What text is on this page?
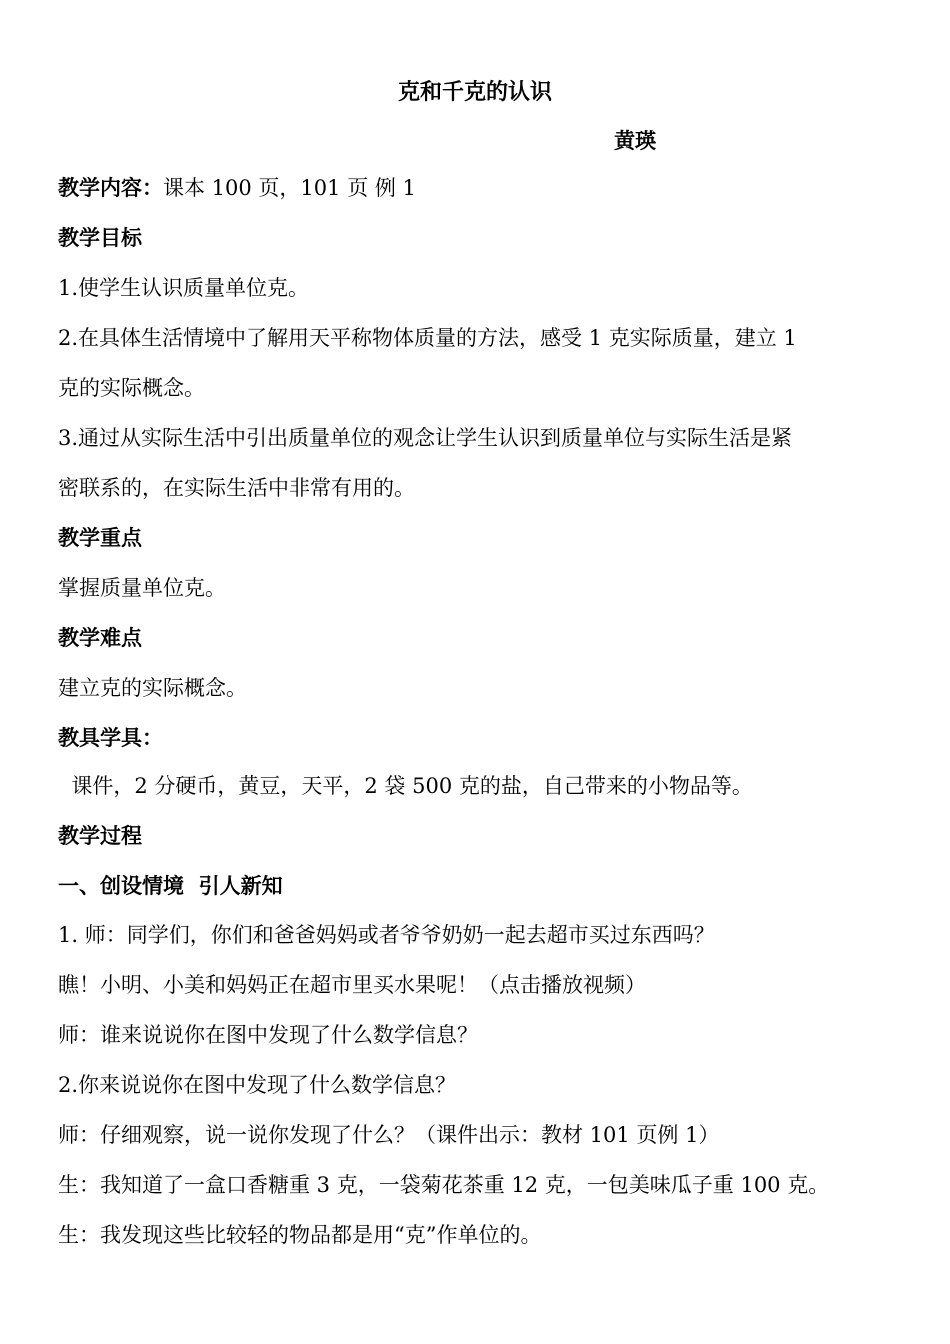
克和千克的认识
黄瑛
教学内容：课本 100 页，101 页 例 1
教学目标
1.使学生认识质量单位克。
2.在具体生活情境中了解用天平称物体质量的方法，感受 1 克实际质量，建立 1
克的实际概念。
3.通过从实际生活中引出质量单位的观念让学生认识到质量单位与实际生活是紧
密联系的，在实际生活中非常有用的。
教学重点
掌握质量单位克。
教学难点
建立克的实际概念。
教具学具：
课件，2 分硬币，黄豆，天平，2 袋 500 克的盐，自己带来的小物品等。
教学过程
一、创设情境  引人新知
1. 师：同学们，你们和爸爸妈妈或者爷爷奶奶一起去超市买过东西吗？
瞧！小明、小美和妈妈正在超市里买水果呢！（点击播放视频）
师：谁来说说你在图中发现了什么数学信息？
2.你来说说你在图中发现了什么数学信息？
师：仔细观察，说一说你发现了什么？（课件出示：教材 101 页例 1）
生：我知道了一盒口香糖重 3 克，一袋菊花茶重 12 克，一包美味瓜子重 100 克。
生：我发现这些比较轻的物品都是用“克”作单位的。
